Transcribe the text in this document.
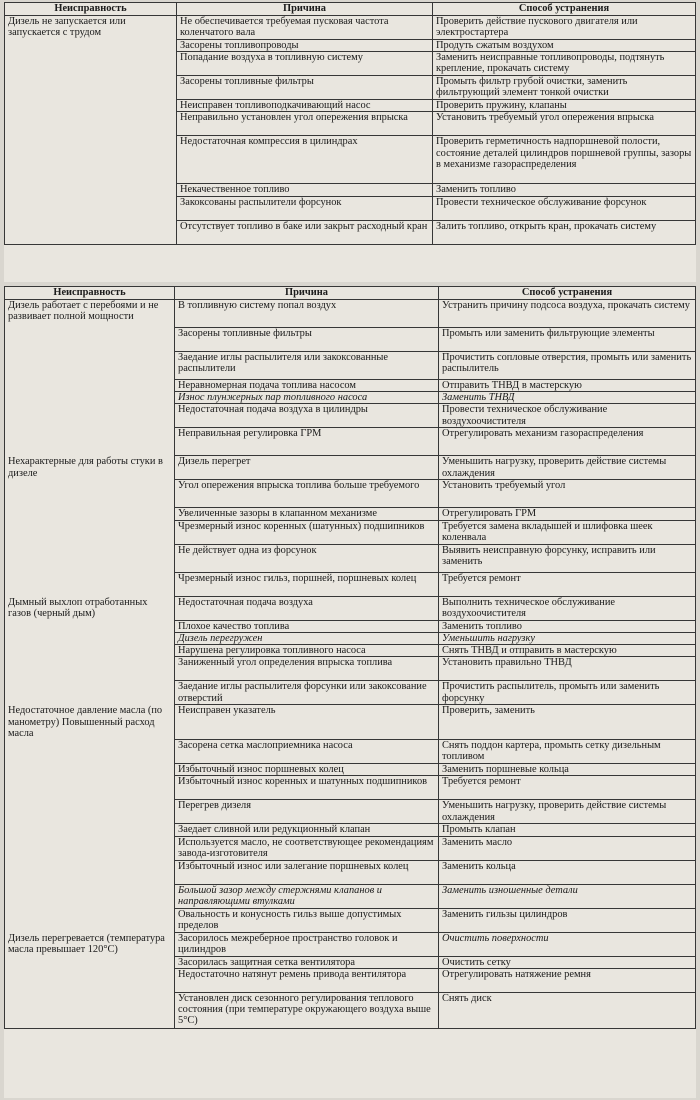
Неисправность	Причина	Способ устранения
Дизель не запускается или запускается с трудом	Не обеспечивается требуемая пусковая частота коленчатого вала	Проверить действие пускового двигателя или электростартера
	Засорены топливопроводы	Продуть сжатым воздухом
	Попадание воздуха в топливную систему	Заменить неисправные топливопроводы, подтянуть крепление, прокачать систему
	Засорены топливные фильтры	Промыть фильтр грубой очистки, заменить фильтрующий элемент тонкой очистки
	Неисправен топливоподкачивающий насос	Проверить пружину, клапаны
	Неправильно установлен угол опережения впрыска	Установить требуемый угол опережения впрыска
	Недостаточная компрессия в цилиндрах	Проверить герметичность надпоршневой полости, состояние деталей цилиндров поршневой группы, зазоры в механизме газораспределения
	Некачественное топливо	Заменить топливо
	Закоксованы распылители форсунок	Провести техническое обслуживание форсунок
	Отсутствует топливо в баке или закрыт расходный кран	Залить топливо, открыть кран, прокачать систему
Неисправность	Причина	Способ устранения
Дизель работает с перебоями и не развивает полной мощности	В топливную систему попал воздух	Устранить причину подсоса воздуха, прокачать систему
	Засорены топливные фильтры	Промыть или заменить фильтрующие элементы
	Заедание иглы распылителя или закоксованные распылители	Прочистить сопловые отверстия, промыть или заменить распылитель
	Неравномерная подача топлива насосом	Отправить ТНВД в мастерскую
	Износ плунжерных пар топливного насоса	Заменить ТНВД
	Недостаточная подача воздуха в цилиндры	Провести техническое обслуживание воздухоочистителя
	Неправильная регулировка ГРМ	Отрегулировать механизм газораспределения
Нехарактерные для работы стуки в дизеле	Дизель перегрет	Уменьшить нагрузку, проверить действие системы охлаждения
	Угол опережения впрыска топлива больше требуемого	Установить требуемый угол
	Увеличенные зазоры в клапанном механизме	Отрегулировать ГРМ
	Чрезмерный износ коренных (шатунных) подшипников	Требуется замена вкладышей и шлифовка шеек коленвала
	Не действует одна из форсунок	Выявить неисправную форсунку, исправить или заменить
	Чрезмерный износ гильз, поршней, поршневых колец	Требуется ремонт
Дымный выхлоп отработанных газов (черный дым)	Недостаточная подача воздуха	Выполнить техническое обслуживание воздухоочистителя
	Плохое качество топлива	Заменить топливо
	Дизель перегружен	Уменьшить нагрузку
	Нарушена регулировка топливного насоса	Снять ТНВД и отправить в мастерскую
	Заниженный угол определения впрыска топлива	Установить правильно ТНВД
	Заедание иглы распылителя форсунки или закоксование отверстий	Прочистить распылитель, промыть или заменить форсунку
Недостаточное давление масла (по манометру) Повышенный расход масла	Неисправен указатель	Проверить, заменить
	Засорена сетка маслоприемника насоса	Снять поддон картера, промыть сетку дизельным топливом
	Избыточный износ поршневых колец	Заменить поршневые кольца
	Избыточный износ коренных и шатунных подшипников	Требуется ремонт
	Перегрев дизеля	Уменьшить нагрузку, проверить действие системы охлаждения
	Заедает сливной или редукционный клапан	Промыть клапан
	Используется масло, не соответствующее рекомендациям завода-изготовителя	Заменить масло
	Избыточный износ или залегание поршневых колец	Заменить кольца
	Большой зазор между стержнями клапанов и направляющими втулками	Заменить изношенные детали
	Овальность и конусность гильз выше допустимых пределов	Заменить гильзы цилиндров
Дизель перегревается (температура масла превышает 120°C)	Засорилось межреберное пространство головок и цилиндров	Очистить поверхности
	Засорилась защитная сетка вентилятора	Очистить сетку
	Недостаточно натянут ремень привода вентилятора	Отрегулировать натяжение ремня
	Установлен диск сезонного регулирования теплового состояния (при температуре окружающего воздуха выше 5°C)	Снять диск
